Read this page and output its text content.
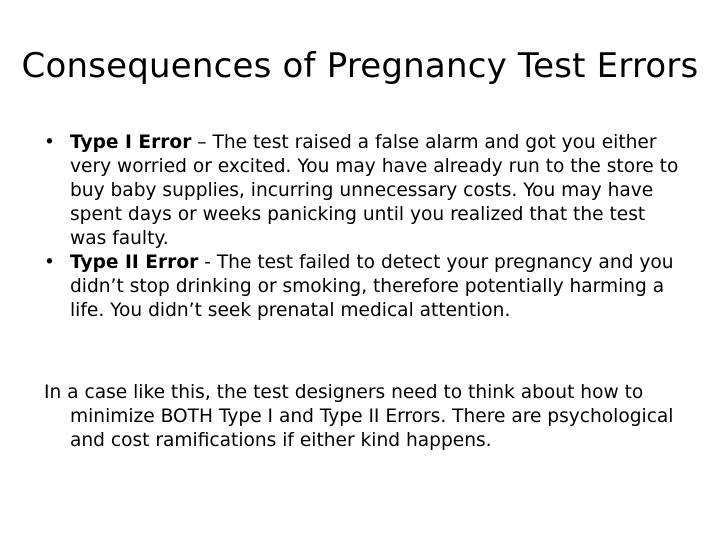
Consequences of Pregnancy Test Errors
• Type I Error – The test raised a false alarm and got you either very worried or excited. You may have already run to the store to buy baby supplies, incurring unnecessary costs. You may have spent days or weeks panicking until you realized that the test was faulty.
• Type II Error - The test failed to detect your pregnancy and you didn’t stop drinking or smoking, therefore potentially harming a life. You didn’t seek prenatal medical attention.

In a case like this, the test designers need to think about how to minimize BOTH Type I and Type II Errors. There are psychological and cost ramifications if either kind happens.
